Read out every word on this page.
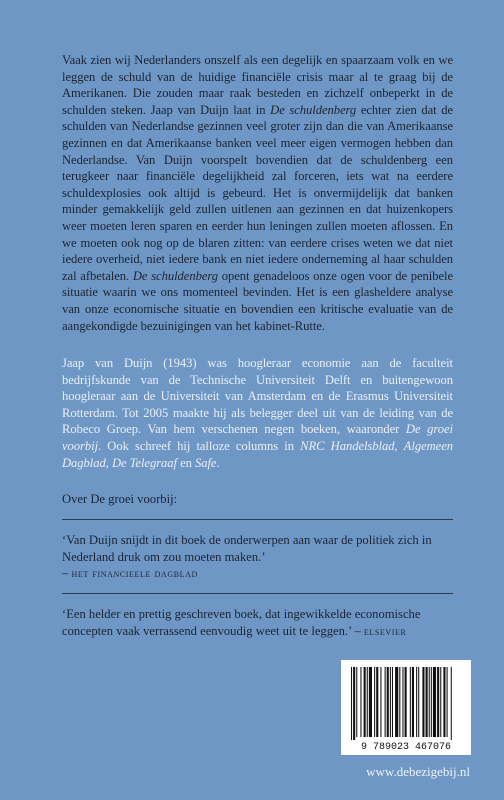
Vaak zien wij Nederlanders onszelf als een degelijk en spaarzaam volk en we leggen de schuld van de huidige financiële crisis maar al te graag bij de Amerikanen. Die zouden maar raak besteden en zichzelf onbeperkt in de schulden steken. Jaap van Duijn laat in De schuldenberg echter zien dat de schulden van Nederlandse gezinnen veel groter zijn dan die van Amerikaanse gezinnen en dat Amerikaanse banken veel meer eigen vermogen hebben dan Nederlandse. Van Duijn voorspelt bovendien dat de schuldenberg een terugkeer naar financiële degelijkheid zal forceren, iets wat na eerdere schuldexplosies ook altijd is gebeurd. Het is onvermijdelijk dat banken minder gemakkelijk geld zullen uitlenen aan gezinnen en dat huizenkopers weer moeten leren sparen en eerder hun leningen zullen moeten aflossen. En we moeten ook nog op de blaren zitten: van eerdere crises weten we dat niet iedere overheid, niet iedere bank en niet iedere onderneming al haar schulden zal afbetalen. De schuldenberg opent genadeloos onze ogen voor de penibele situatie waarin we ons momenteel bevinden. Het is een glasheldere analyse van onze economische situatie en bovendien een kritische evaluatie van de aangekondigde bezuinigingen van het kabinet-Rutte.

Jaap van Duijn (1943) was hoogleraar economie aan de faculteit bedrijfskunde van de Technische Universiteit Delft en buitengewoon hoogleraar aan de Universiteit van Amsterdam en de Erasmus Universiteit Rotterdam. Tot 2005 maakte hij als belegger deel uit van de leiding van de Robeco Groep. Van hem verschenen negen boeken, waaronder De groei voorbij. Ook schreef hij talloze columns in NRC Handelsblad, Algemeen Dagblad, De Telegraaf en Safe.

Over De groei voorbij:
‘Van Duijn snijdt in dit boek de onderwerpen aan waar de politiek zich in Nederland druk om zou moeten maken.’
– het financieele dagblad
‘Een helder en prettig geschreven boek, dat ingewikkelde economische concepten vaak verrassend eenvoudig weet uit te leggen.’ – elsevier
9 789023 467076
www.debezigebij.nl
